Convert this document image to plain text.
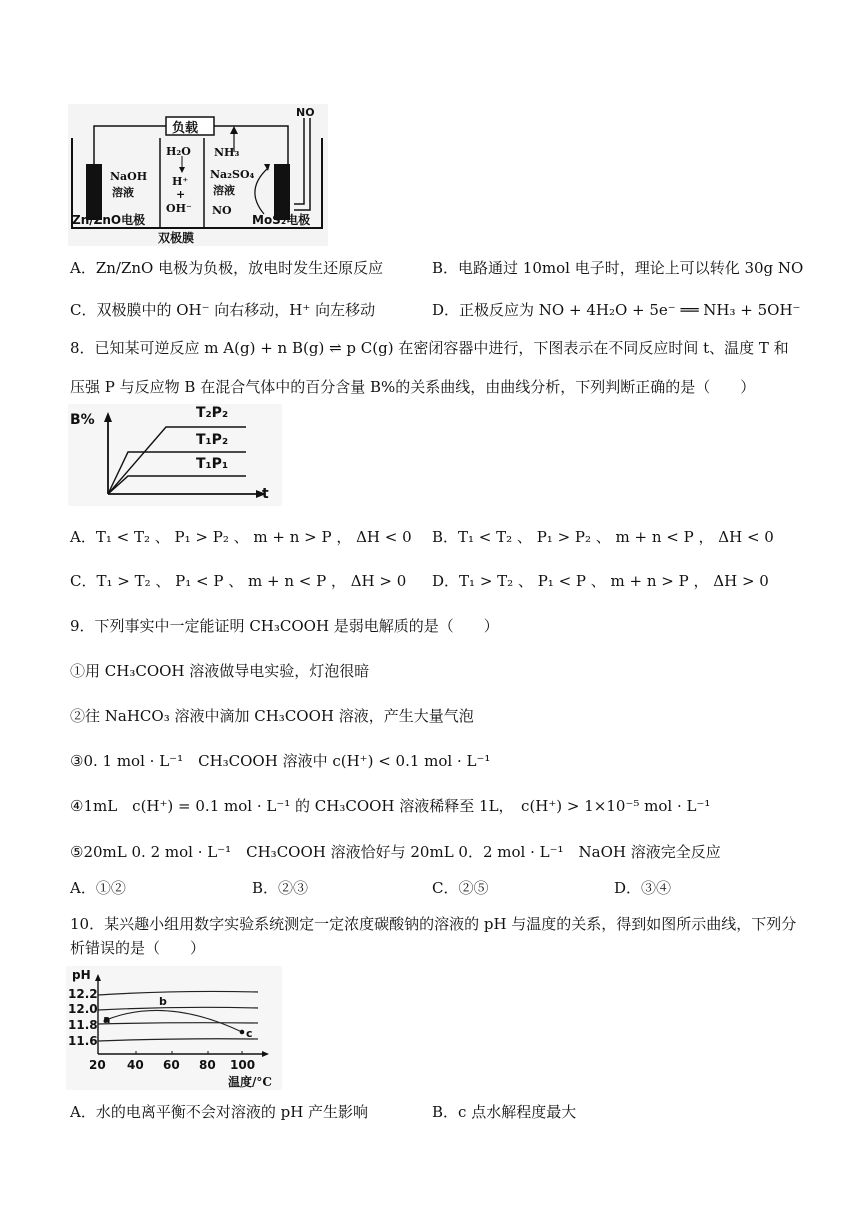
负载
NO
NaOH
溶液
Zn/ZnO电极
H₂O
H⁺
+
OH⁻
双极膜
NH₃
Na₂SO₄
溶液
NO
MoS₂电极
A．Zn/ZnO 电极为负极，放电时发生还原反应	B．电路通过 10mol 电子时，理论上可以转化 30g NO
C．双极膜中的 OH⁻ 向右移动，H⁺ 向左移动	D．正极反应为 NO + 4H₂O + 5e⁻ ══ NH₃ + 5OH⁻
8．已知某可逆反应 m A(g) + n B(g) ⇌ p C(g) 在密闭容器中进行，下图表示在不同反应时间 t、温度 T 和
压强 P 与反应物 B 在混合气体中的百分含量 B%的关系曲线，由曲线分析，下列判断正确的是（　　）
B%
t
T₂P₂
T₁P₂
T₁P₁
A．T₁ < T₂ 、 P₁ > P₂ 、 m + n > P ， ΔH < 0 B．T₁ < T₂ 、 P₁ > P₂ 、 m + n < P ， ΔH < 0
C．T₁ > T₂ 、 P₁ < P 、 m + n < P ， ΔH > 0 D．T₁ > T₂ 、 P₁ < P 、 m + n > P ， ΔH > 0
9．下列事实中一定能证明 CH₃COOH 是弱电解质的是（　　）
①用 CH₃COOH 溶液做导电实验，灯泡很暗
②往 NaHCO₃ 溶液中滴加 CH₃COOH 溶液，产生大量气泡
③0. 1 mol · L⁻¹　CH₃COOH 溶液中 c(H⁺) < 0.1 mol · L⁻¹
④1mL　c(H⁺) = 0.1 mol · L⁻¹ 的 CH₃COOH 溶液稀释至 1L，　c(H⁺) > 1×10⁻⁵ mol · L⁻¹
⑤20mL 0. 2 mol · L⁻¹　CH₃COOH 溶液恰好与 20mL 0．2 mol · L⁻¹　NaOH 溶液完全反应
A．①②	B．②③	C．②⑤	D．③④
10．某兴趣小组用数字实验系统测定一定浓度碳酸钠的溶液的 pH 与温度的关系，得到如图所示曲线，下列分
析错误的是（　　）
pH
12.2
12.0
11.8
11.6
20 40 60 80 100
温度/°C
a
b
c
A．水的电离平衡不会对溶液的 pH 产生影响	B．c 点水解程度最大
